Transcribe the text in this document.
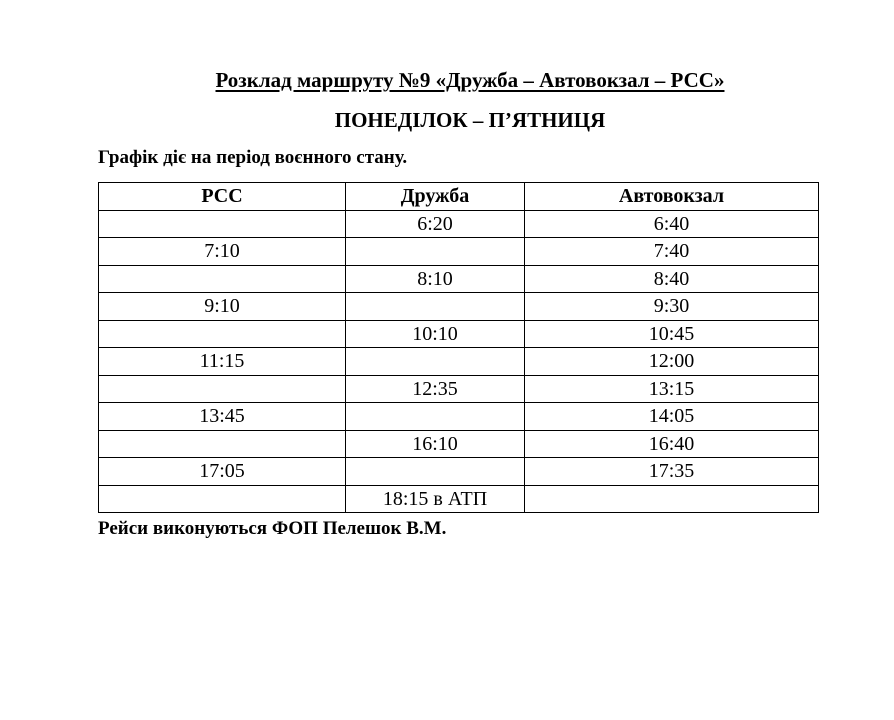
Розклад маршруту №9 «Дружба – Автовокзал – РСС»
ПОНЕДІЛОК – П’ЯТНИЦЯ
Графік діє на період воєнного стану.
РСС	Дружба	Автовокзал
	6:20	6:40
7:10		7:40
	8:10	8:40
9:10		9:30
	10:10	10:45
11:15		12:00
	12:35	13:15
13:45		14:05
	16:10	16:40
17:05		17:35
	18:15 в АТП	
Рейси виконуються ФОП Пелешок В.М.
